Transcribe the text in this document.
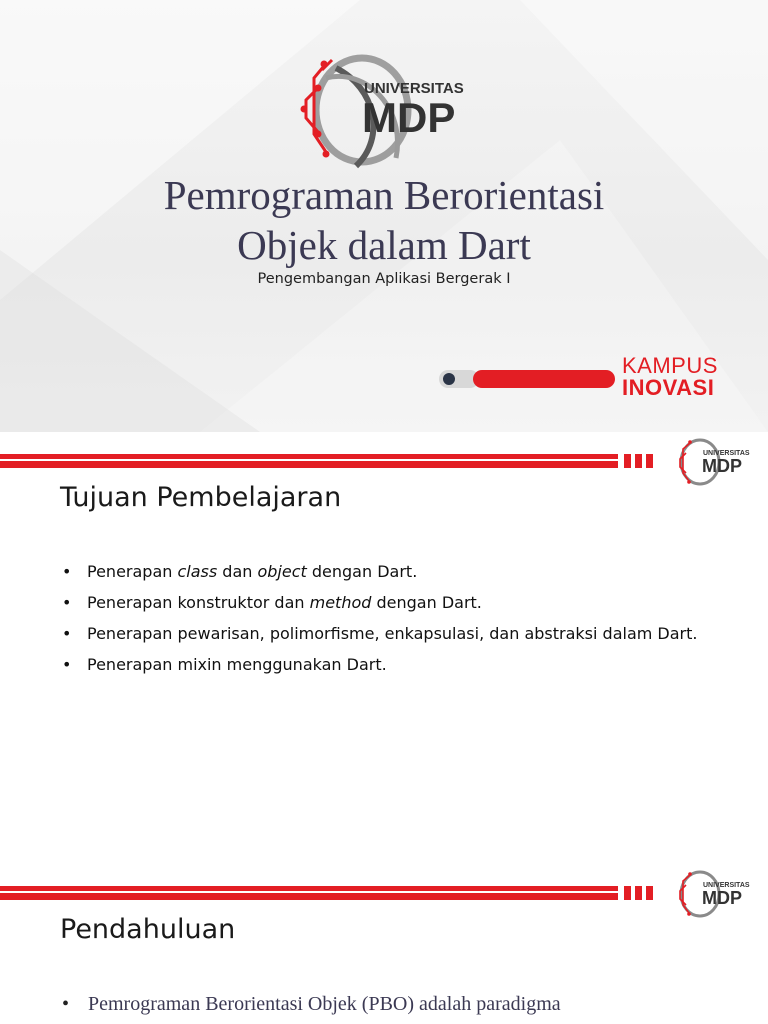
UNIVERSITAS
MDP
Pemrograman Berorientasi
Objek dalam Dart
Pengembangan Aplikasi Bergerak I
KAMPUS
INOVASI
UNIVERSITAS
MDP
Tujuan Pembelajaran
• Penerapan class dan object dengan Dart.
• Penerapan konstruktor dan method dengan Dart.
• Penerapan pewarisan, polimorfisme, enkapsulasi, dan abstraksi dalam Dart.
• Penerapan mixin menggunakan Dart.
UNIVERSITAS
MDP
Pendahuluan
• Pemrograman Berorientasi Objek (PBO) adalah paradigma
